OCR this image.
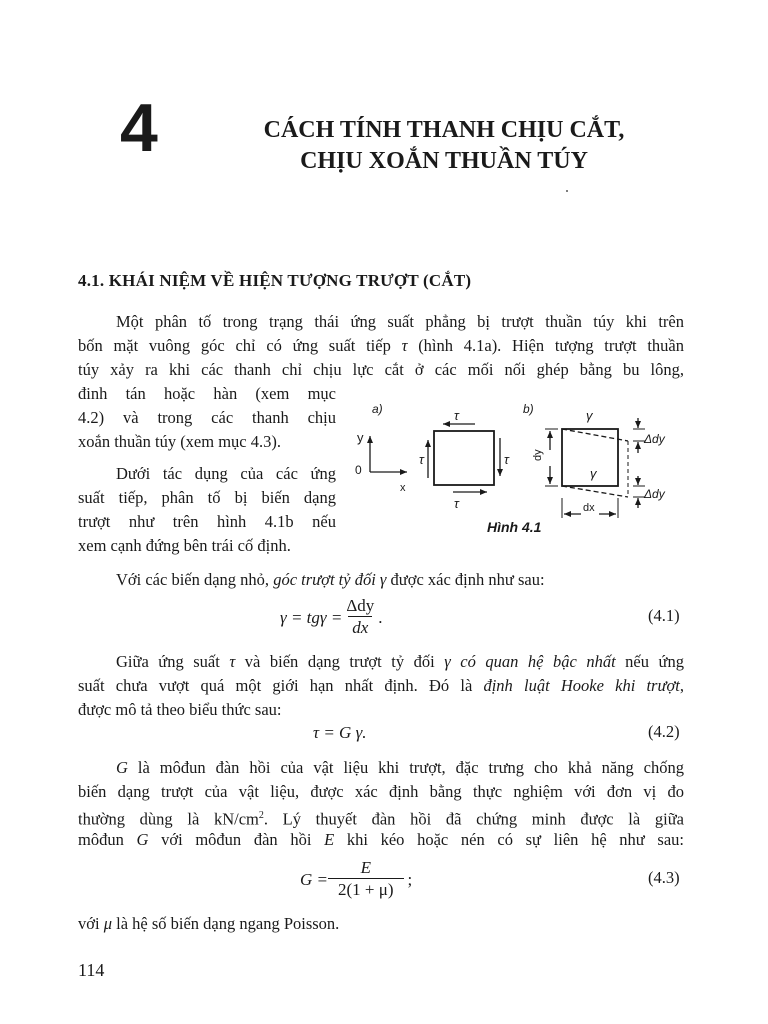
4	CÁCH TÍNH THANH CHỊU CẮT,
CHỊU XOẮN THUẦN TÚY
4.1. KHÁI NIỆM VỀ HIỆN TƯỢNG TRƯỢT (CẮT)
Một phân tố trong trạng thái ứng suất phẳng bị trượt thuần túy khi trên
bốn mặt vuông góc chỉ có ứng suất tiếp τ (hình 4.1a). Hiện tượng trượt thuần
túy xảy ra khi các thanh chỉ chịu lực cắt ở các mối nối ghép bằng bu lông,
đinh tán hoặc hàn (xem mục
4.2) và trong các thanh chịu
xoắn thuần túy (xem mục 4.3).
Dưới tác dụng của các ứng
suất tiếp, phân tố bị biến dạng
trượt như trên hình 4.1b nếu
xem cạnh đứng bên trái cố định.
a)	b)
y
x
0
τ
τ
τ	τ
γ
γ
dy
Δdy
Δdy
dx
Hình 4.1
Với các biến dạng nhỏ, góc trượt tỷ đối γ được xác định như sau:
$\gamma = tg\gamma = \frac{\text{Δdy}}{dx}$ .	(4.1)
Giữa ứng suất τ và biến dạng trượt tỷ đối γ có quan hệ bậc nhất nếu ứng
suất chưa vượt quá một giới hạn nhất định. Đó là định luật Hooke khi trượt,
được mô tả theo biểu thức sau:
τ = G γ.	(4.2)
G là môđun đàn hồi của vật liệu khi trượt, đặc trưng cho khả năng chống
biến dạng trượt của vật liệu, được xác định bằng thực nghiệm với đơn vị đo
thường dùng là $kN/cm^2$. Lý thuyết đàn hồi đã chứng minh được là giữa
môđun G với môđun đàn hồi E khi kéo hoặc nén có sự liên hệ như sau:
$G = \frac{E}{2(1 + \mu)}$ ;	(4.3)
với μ là hệ số biến dạng ngang Poisson.
114
